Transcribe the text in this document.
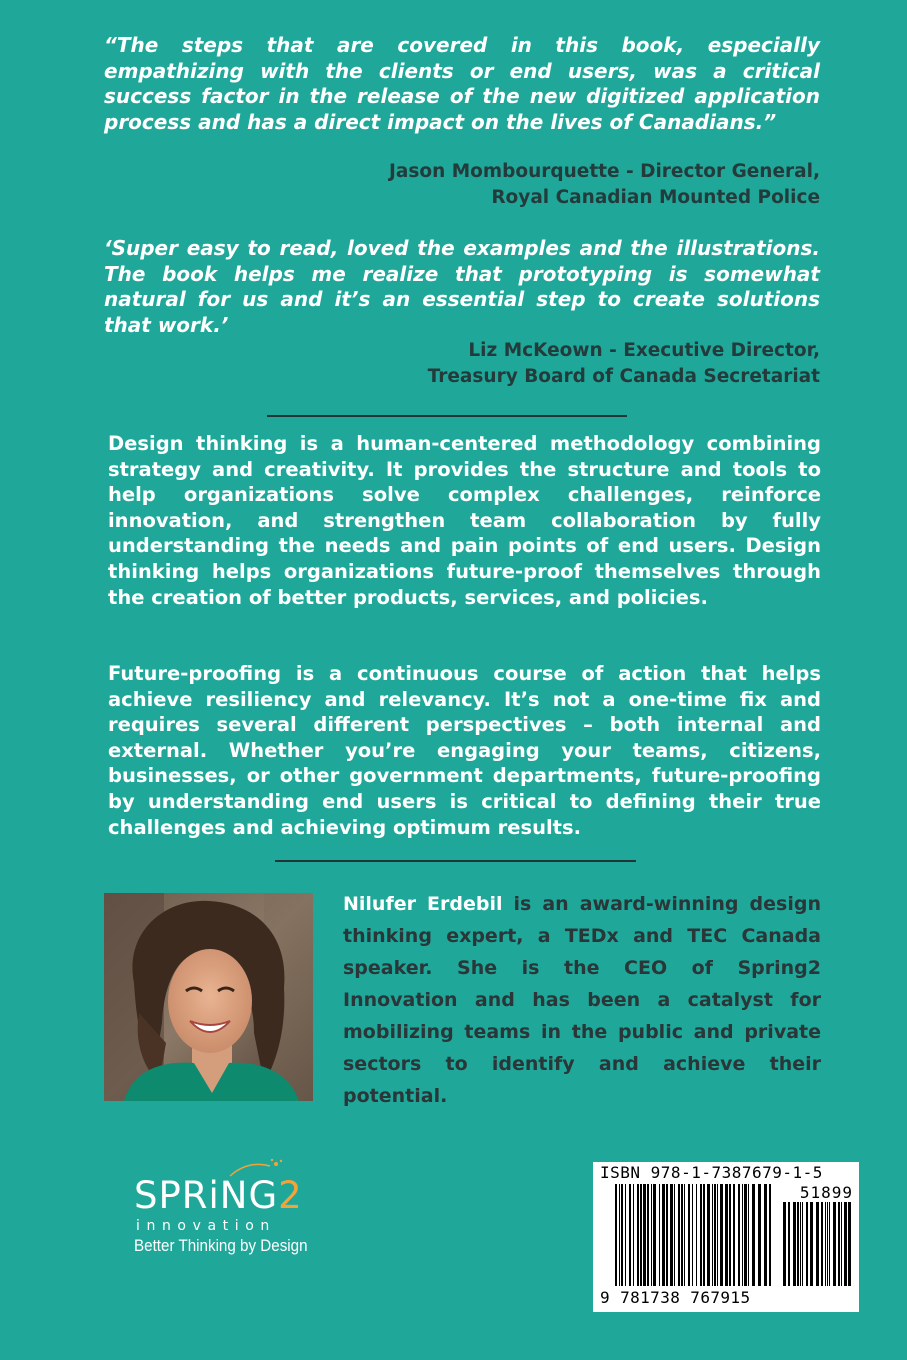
“The steps that are covered in this book, especially empathizing with the clients or end users, was a critical success factor in the release of the new digitized application process and has a direct impact on the lives of Canadians.”

Jason Mombourquette - Director General,
Royal Canadian Mounted Police

‘Super easy to read, loved the examples and the illustrations. The book helps me realize that prototyping is somewhat natural for us and it’s an essential step to create solutions that work.’

Liz McKeown - Executive Director,
Treasury Board of Canada Secretariat

Design thinking is a human-centered methodology combining strategy and creativity. It provides the structure and tools to help organizations solve complex challenges, reinforce innovation, and strengthen team collaboration by fully understanding the needs and pain points of end users. Design thinking helps organizations future-proof themselves through the creation of better products, services, and policies.

Future-proofing is a continuous course of action that helps achieve resiliency and relevancy. It’s not a one-time fix and requires several different perspectives – both internal and external. Whether you’re engaging your teams, citizens, businesses, or other government departments, future-proofing by understanding end users is critical to defining their true challenges and achieving optimum results.

Nilufer Erdebil is an award-winning design thinking expert, a TEDx and TEC Canada speaker. She is the CEO of Spring2 Innovation and has been a catalyst for mobilizing teams in the public and private sectors to identify and achieve their potential.

SPRiNG2
innovation
Better Thinking by Design
ISBN 978-1-7387679-1-5
51899
9 781738 767915
